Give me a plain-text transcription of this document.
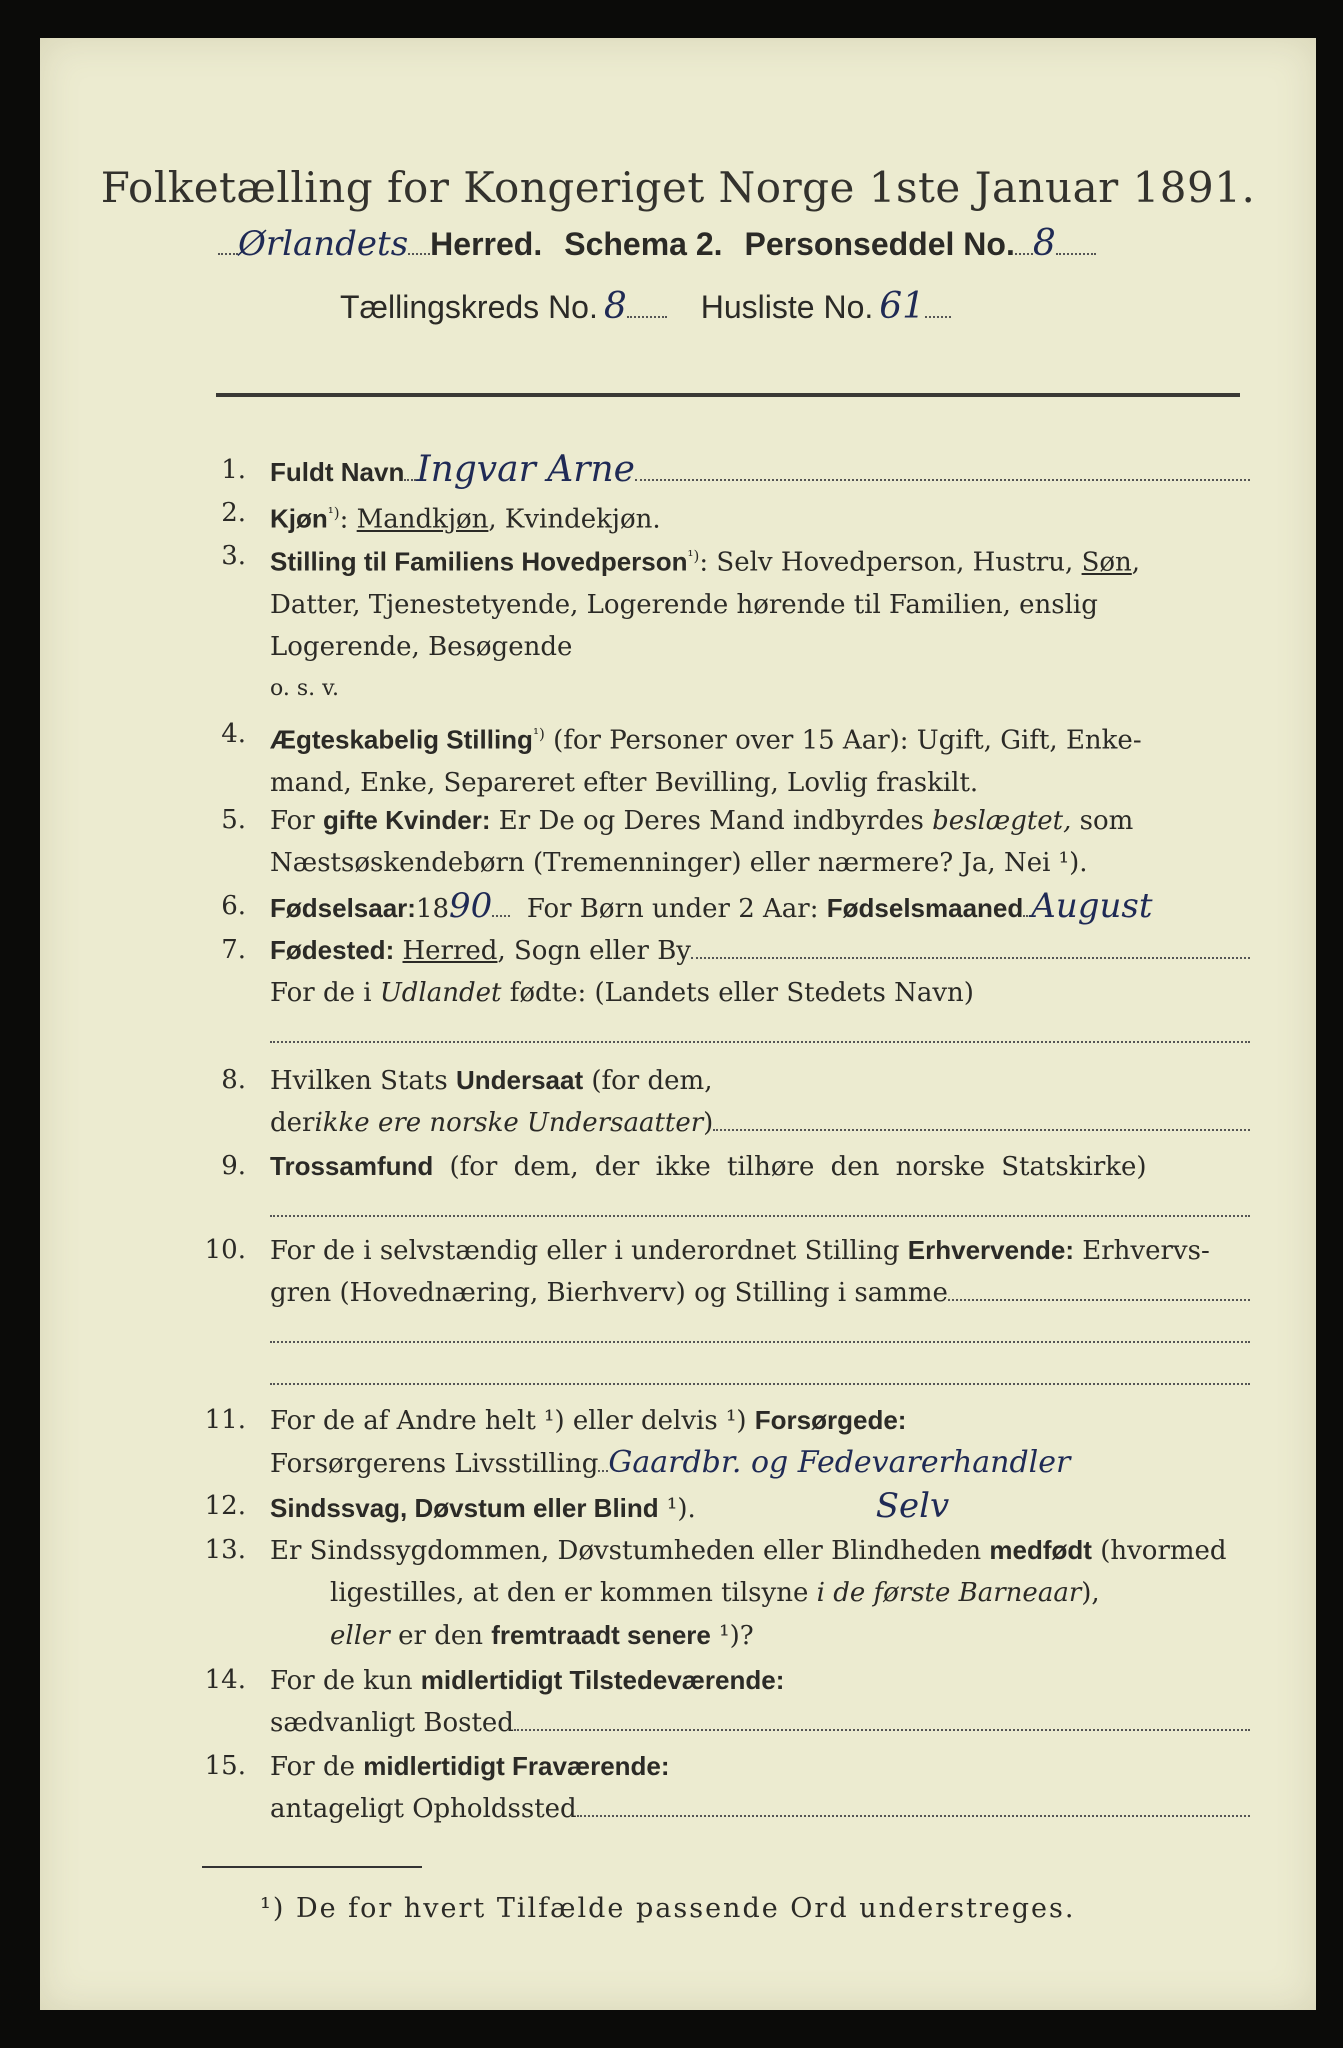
Folketælling for Kongeriget Norge 1ste Januar 1891.
Ørlandets Herred. Schema 2. Personseddel No. 8
Tællingskreds No. 8 Husliste No. 61
1. Fuldt Navn Ingvar Arne
2. Kjøn$^{^1)}$: Mandkjøn, Kvindekjøn.
3. Stilling til Familiens Hovedperson$^{^1)}$: Selv Hovedperson, Hustru, Søn,
Datter, Tjenestetyende, Logerende hørende til Familien, enslig
Logerende, Besøgende
o. s. v.
4. Ægteskabelig Stilling$^{^1)}$ (for Personer over 15 Aar): Ugift, Gift, Enke-
mand, Enke, Separeret efter Bevilling, Lovlig fraskilt.
5. For gifte Kvinder: Er De og Deres Mand indbyrdes beslægtet, som
Næstsøskendebørn (Tremenninger) eller nærmere? Ja, Nei ¹).
6. Fødselsaar: 18 90 For Børn under 2 Aar: Fødselsmaaned August
7. Fødested:
Herred , Sogn eller By
For de i Udlandet fødte: (Landets eller Stedets Navn)
8. Hvilken Stats Undersaat (for dem,
der ikke ere norske Undersaatter )
9. Trossamfund (for dem, der ikke tilhøre den norske Statskirke)
10. For de i selvstændig eller i underordnet Stilling Erhvervende: Erhvervs-
gren (Hovednæring, Bierhverv) og Stilling i samme
11. For de af Andre helt ¹) eller delvis ¹) Forsørgede:
Forsørgerens Livsstilling Gaardbr. og Fedevarerhandler
12. Sindssvag, Døvstum eller Blind ¹).	Selv
13. Er Sindssygdommen, Døvstumheden eller Blindheden medfødt (hvormed
ligestilles, at den er kommen tilsyne i de første Barneaar),
eller er den fremtraadt senere ¹)?
14. For de kun midlertidigt Tilstedeværende:
sædvanligt Bosted
15. For de midlertidigt Fraværende:
antageligt Opholdssted
¹) De for hvert Tilfælde passende Ord understreges.
